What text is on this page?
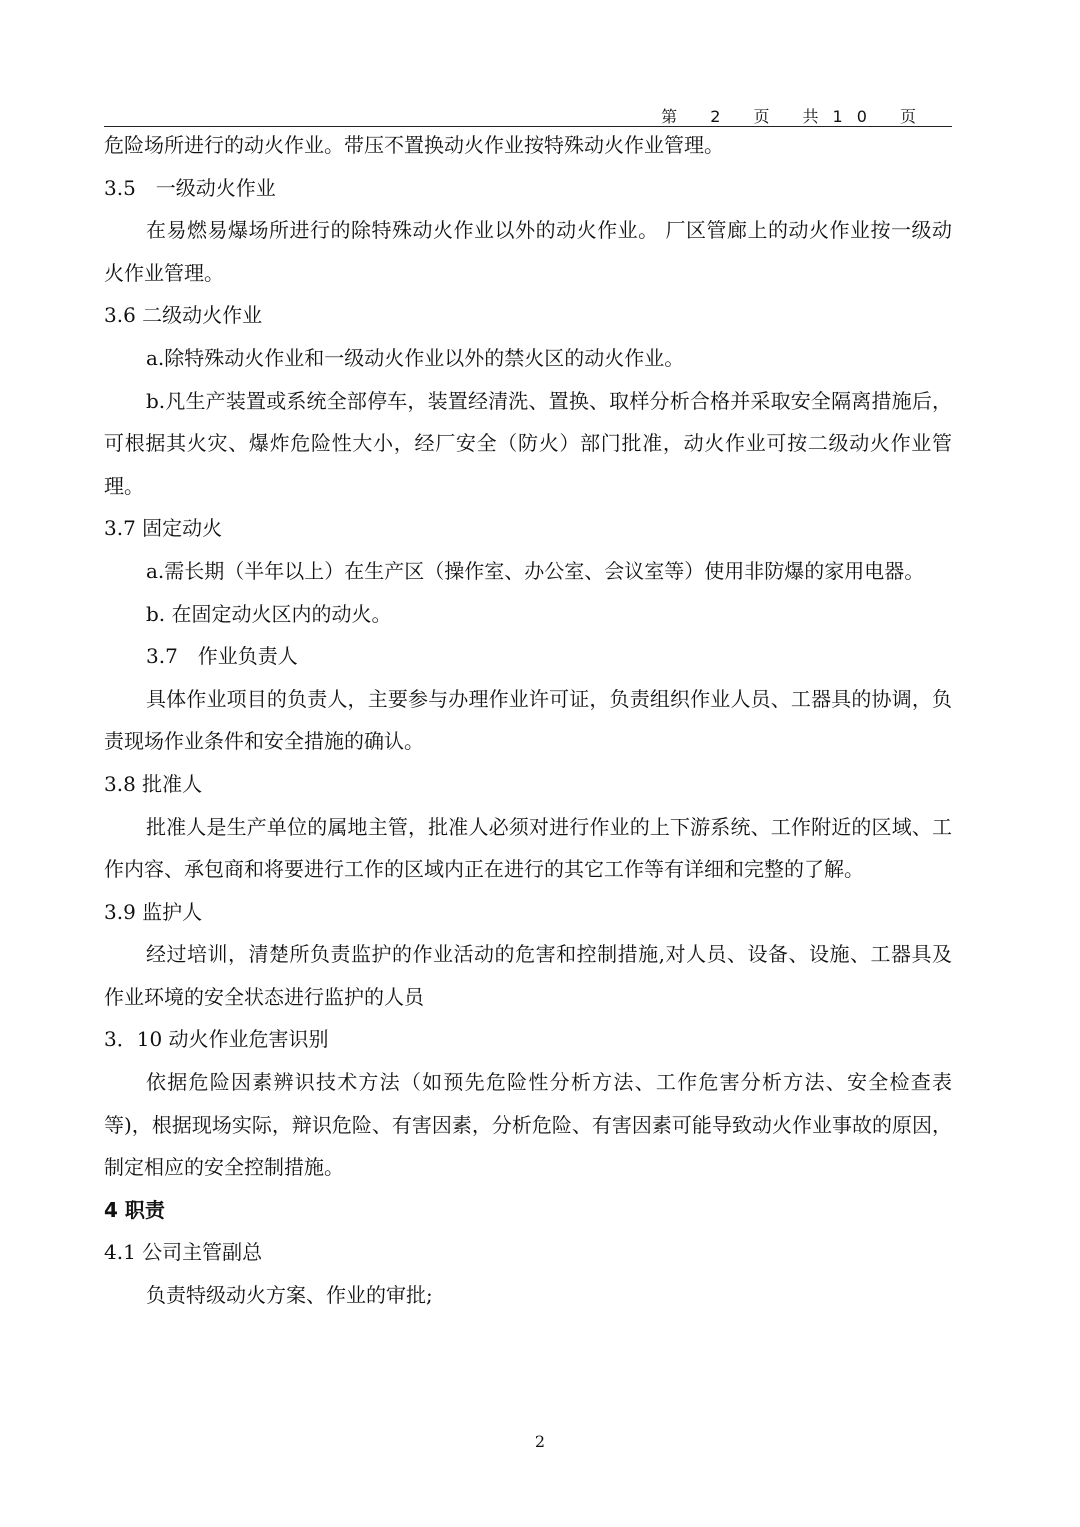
第 2 页 共10 页

危险场所进行的动火作业。带压不置换动火作业按特殊动火作业管理。

3.5　一级动火作业

在易燃易爆场所进行的除特殊动火作业以外的动火作业。 厂区管廊上的动火作业按一级动火作业管理。

3.6 二级动火作业

a.除特殊动火作业和一级动火作业以外的禁火区的动火作业。

b.凡生产装置或系统全部停车，装置经清洗、置换、取样分析合格并采取安全隔离措施后，可根据其火灾、爆炸危险性大小，经厂安全（防火）部门批准，动火作业可按二级动火作业管理。

3.7 固定动火

a.需长期（半年以上）在生产区（操作室、办公室、会议室等）使用非防爆的家用电器。

b. 在固定动火区内的动火。

3.7　作业负责人

具体作业项目的负责人，主要参与办理作业许可证，负责组织作业人员、工器具的协调，负责现场作业条件和安全措施的确认。

3.8 批准人

批准人是生产单位的属地主管，批准人必须对进行作业的上下游系统、工作附近的区域、工作内容、承包商和将要进行工作的区域内正在进行的其它工作等有详细和完整的了解。

3.9 监护人

经过培训，清楚所负责监护的作业活动的危害和控制措施,对人员、设备、设施、工器具及作业环境的安全状态进行监护的人员

3．10 动火作业危害识别

依据危险因素辨识技术方法（如预先危险性分析方法、工作危害分析方法、安全检查表等)，根据现场实际，辩识危险、有害因素，分析危险、有害因素可能导致动火作业事故的原因，制定相应的安全控制措施。

4 职责

4.1 公司主管副总

负责特级动火方案、作业的审批;

2
